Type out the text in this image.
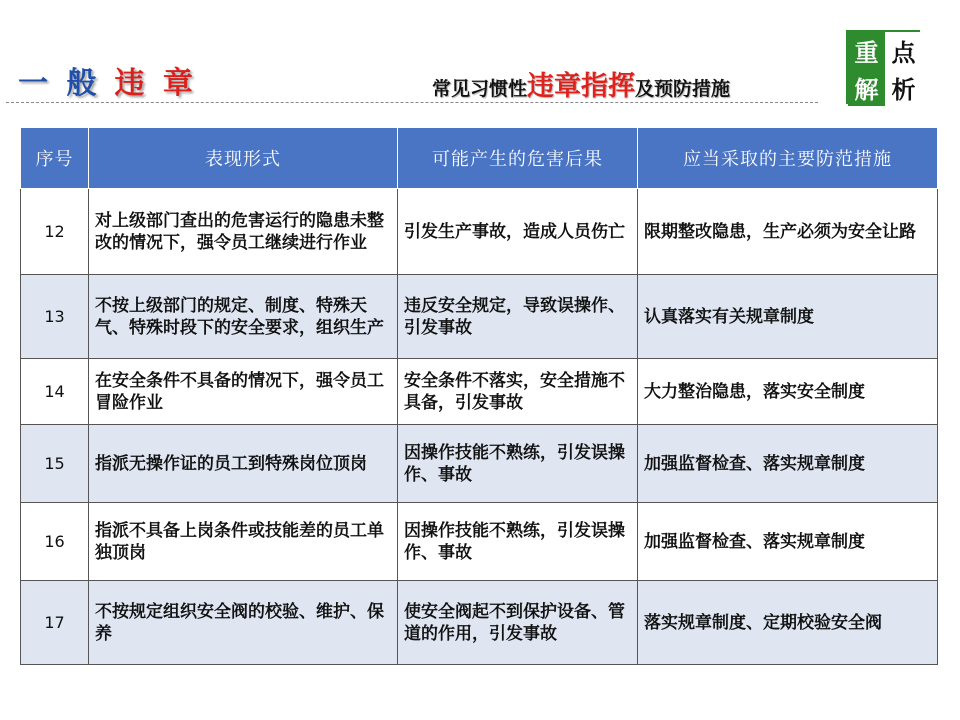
一 般 违 章	常见习惯性违章指挥及预防措施
重 点
解 析
序号	表现形式	可能产生的危害后果	应当采取的主要防范措施
12	对上级部门查出的危害运行的隐患未整改的情况下，强令员工继续进行作业	引发生产事故，造成人员伤亡	限期整改隐患，生产必须为安全让路
13	不按上级部门的规定、制度、特殊天气、特殊时段下的安全要求，组织生产	违反安全规定，导致误操作、引发事故	认真落实有关规章制度
14	在安全条件不具备的情况下，强令员工冒险作业	安全条件不落实，安全措施不具备，引发事故	大力整治隐患，落实安全制度
15	指派无操作证的员工到特殊岗位顶岗	因操作技能不熟练，引发误操作、事故	加强监督检查、落实规章制度
16	指派不具备上岗条件或技能差的员工单独顶岗	因操作技能不熟练，引发误操作、事故	加强监督检查、落实规章制度
17	不按规定组织安全阀的校验、维护、保养	使安全阀起不到保护设备、管道的作用，引发事故	落实规章制度、定期校验安全阀
